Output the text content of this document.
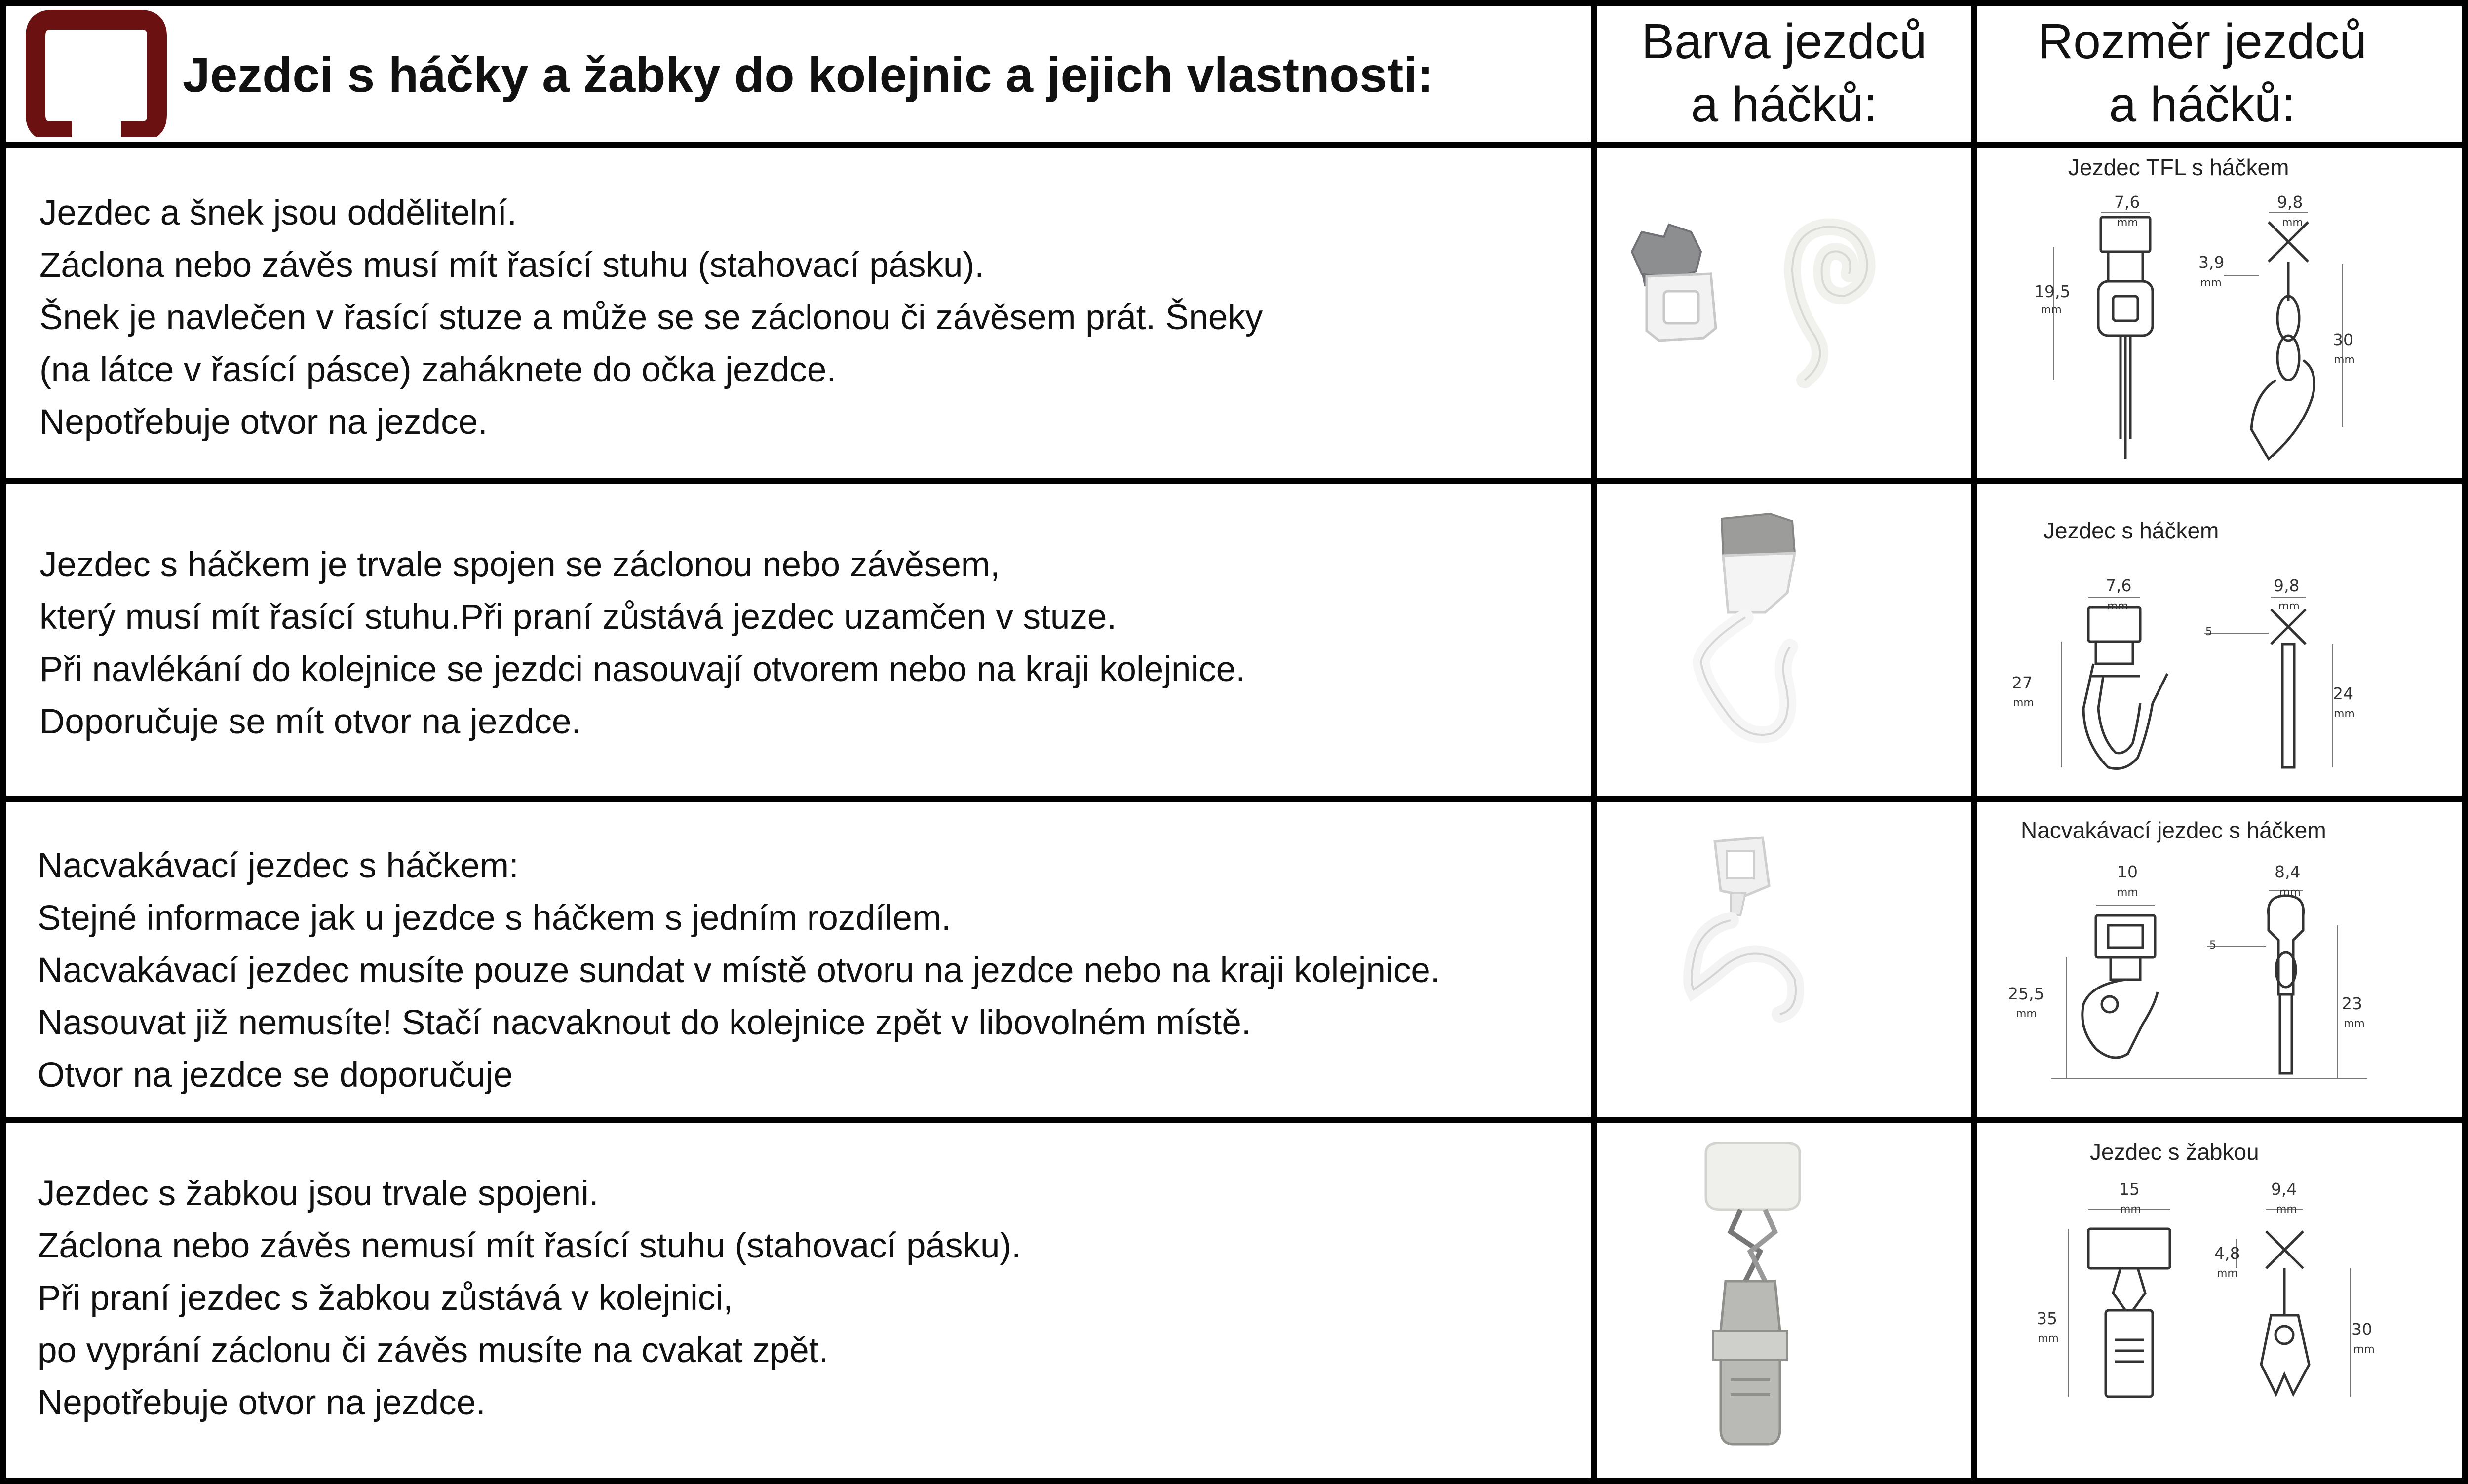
Jezdci s háčky a žabky do kolejnic a jejich vlastnosti:
Barva jezdců
a háčků:
Rozměr jezdců
a háčků:
Jezdec a šnek jsou oddělitelní.
Záclona nebo závěs musí mít řasící stuhu (stahovací pásku).
Šnek je navlečen v řasící stuze a může se se záclonou či závěsem prát. Šneky
(na látce v řasící pásce) zaháknete do očka jezdce.
Nepotřebuje otvor na jezdce.
Jezdec TFL s háčkem
7,6
mm
9,8
mm
3,9
mm
19,5
mm
30
mm
Jezdec s háčkem je trvale spojen se záclonou nebo závěsem,
který musí mít řasící stuhu.Při praní zůstává jezdec uzamčen v stuze.
Při navlékání do kolejnice se jezdci nasouvají otvorem nebo na kraji kolejnice.
Doporučuje se mít otvor na jezdce.
Jezdec s háčkem
7,6
mm
9,8
mm
5
27
mm	24
mm
Nacvakávací jezdec s háčkem:
Stejné informace jak u jezdce s háčkem s jedním rozdílem.
Nacvakávací jezdec musíte pouze sundat v místě otvoru na jezdce nebo na kraji kolejnice.
Nasouvat již nemusíte! Stačí nacvaknout do kolejnice zpět v libovolném místě.
Otvor na jezdce se doporučuje
Nacvakávací jezdec s háčkem
10
mm
8,4
mm
5
25,5
mm
23
mm
Jezdec s žabkou jsou trvale spojeni.
Záclona nebo závěs nemusí mít řasící stuhu (stahovací pásku).
Při praní jezdec s žabkou zůstává v kolejnici,
po vyprání záclonu či závěs musíte na cvakat zpět.
Nepotřebuje otvor na jezdce.
Jezdec s žabkou
15
mm
9,4
mm
4,8
mm
35
mm	30
mm
